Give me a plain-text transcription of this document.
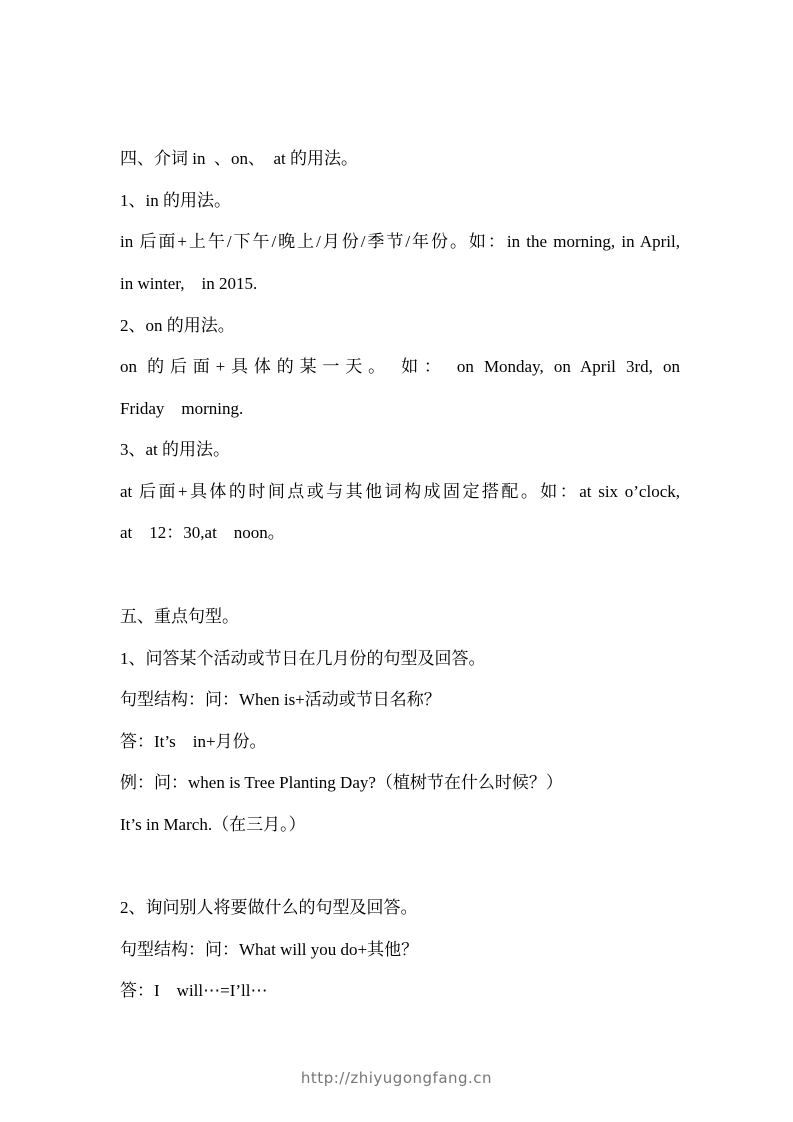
四、介词 in  、on、  at 的用法。
1、in 的用法。
in 后面+上午/下午/晚上/月份/季节/年份。如：in the morning, in April,
in winter,    in 2015.
2、on 的用法。
on 的后面+具体的某一天。 如： on Monday, on April 3rd, on
Friday    morning.
3、at 的用法。
at 后面+具体的时间点或与其他词构成固定搭配。如：at six o’clock,
at    12：30,at    noon。
五、重点句型。
1、问答某个活动或节日在几月份的句型及回答。
句型结构：问：When is+活动或节日名称？
答：It’s    in+月份。
例：问：when is Tree Planting Day?（植树节在什么时候？）
It’s in March.（在三月。）
2、询问别人将要做什么的句型及回答。
句型结构：问：What will you do+其他？
答：I    will⋯=I’ll⋯
http://zhiyugongfang.cn
